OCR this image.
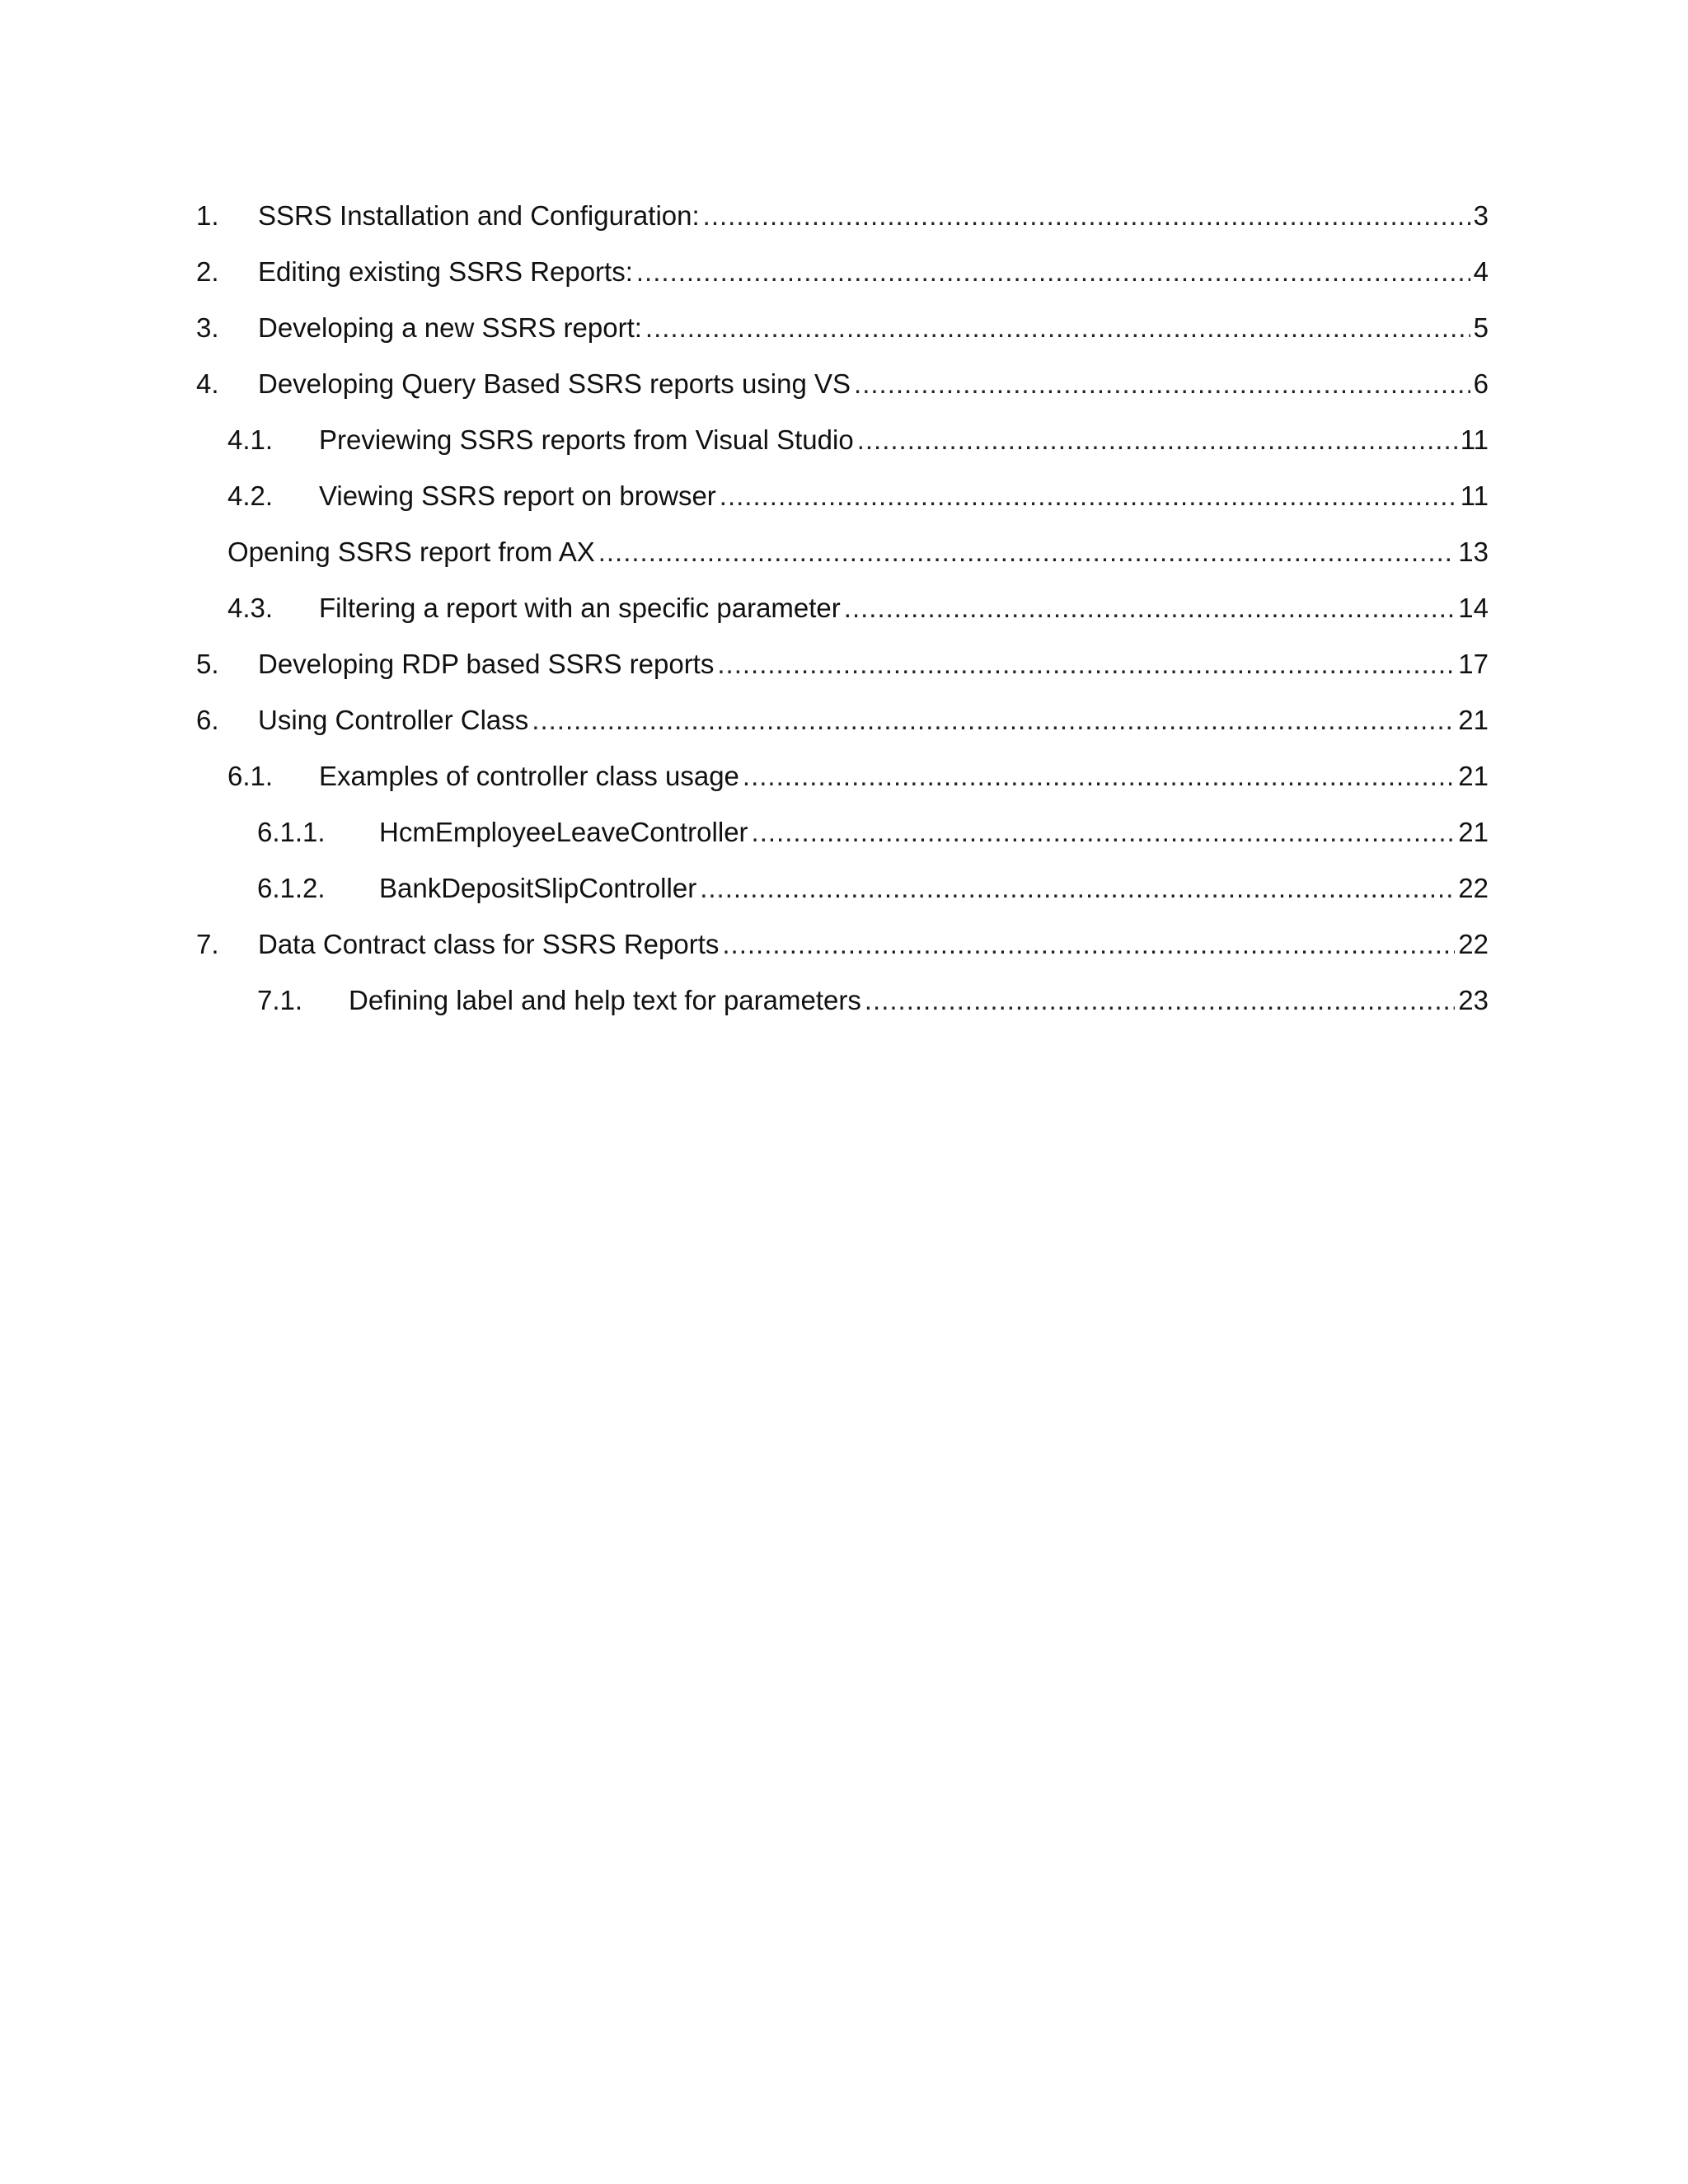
1.	SSRS Installation and Configuration: .....	3
2.	Editing existing SSRS Reports: .....	4
3.	Developing a new SSRS report: .....	5
4.	Developing Query Based SSRS reports using VS .....	6
4.1.	Previewing SSRS reports from Visual Studio .....	11
4.2.	Viewing SSRS report on browser .....	11
Opening SSRS report from AX .....	13
4.3.	Filtering a report with an specific parameter .....	14
5.	Developing RDP based SSRS reports .....	17
6.	Using Controller Class .....	21
6.1.	Examples of controller class usage .....	21
6.1.1.	HcmEmployeeLeaveController .....	21
6.1.2.	BankDepositSlipController .....	22
7.	Data Contract class for SSRS Reports .....	22
7.1.	Defining label and help text for parameters .....	23
